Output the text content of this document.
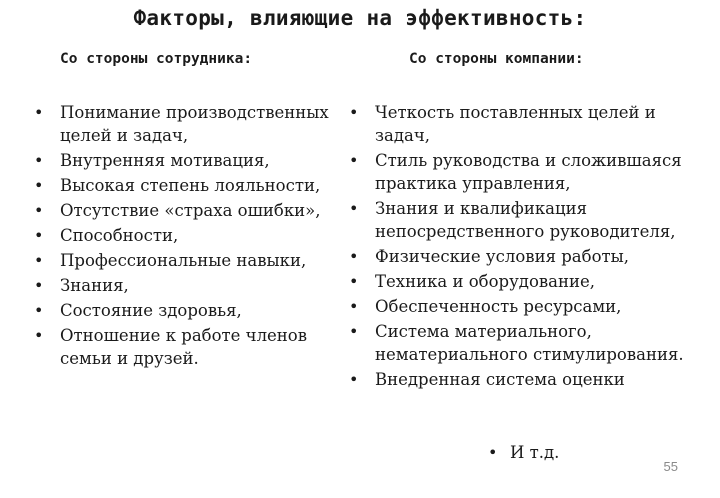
Факторы, влияющие на эффективность:
Со стороны сотрудника:	Со стороны компании:
• Понимание производственных целей и задач,
• Внутренняя мотивация,
• Высокая степень лояльности,
• Отсутствие «страха ошибки»,
• Способности,
• Профессиональные навыки,
• Знания,
• Состояние здоровья,
• Отношение к работе членов семьи и друзей.
• Четкость поставленных целей и задач,
• Стиль руководства и сложившаяся практика управления,
• Знания и квалификация непосредственного руководителя,
• Физические условия работы,
• Техника и оборудование,
• Обеспеченность ресурсами,
• Система материального, нематериального стимулирования.
• Внедренная система оценки
• И т.д.
55
